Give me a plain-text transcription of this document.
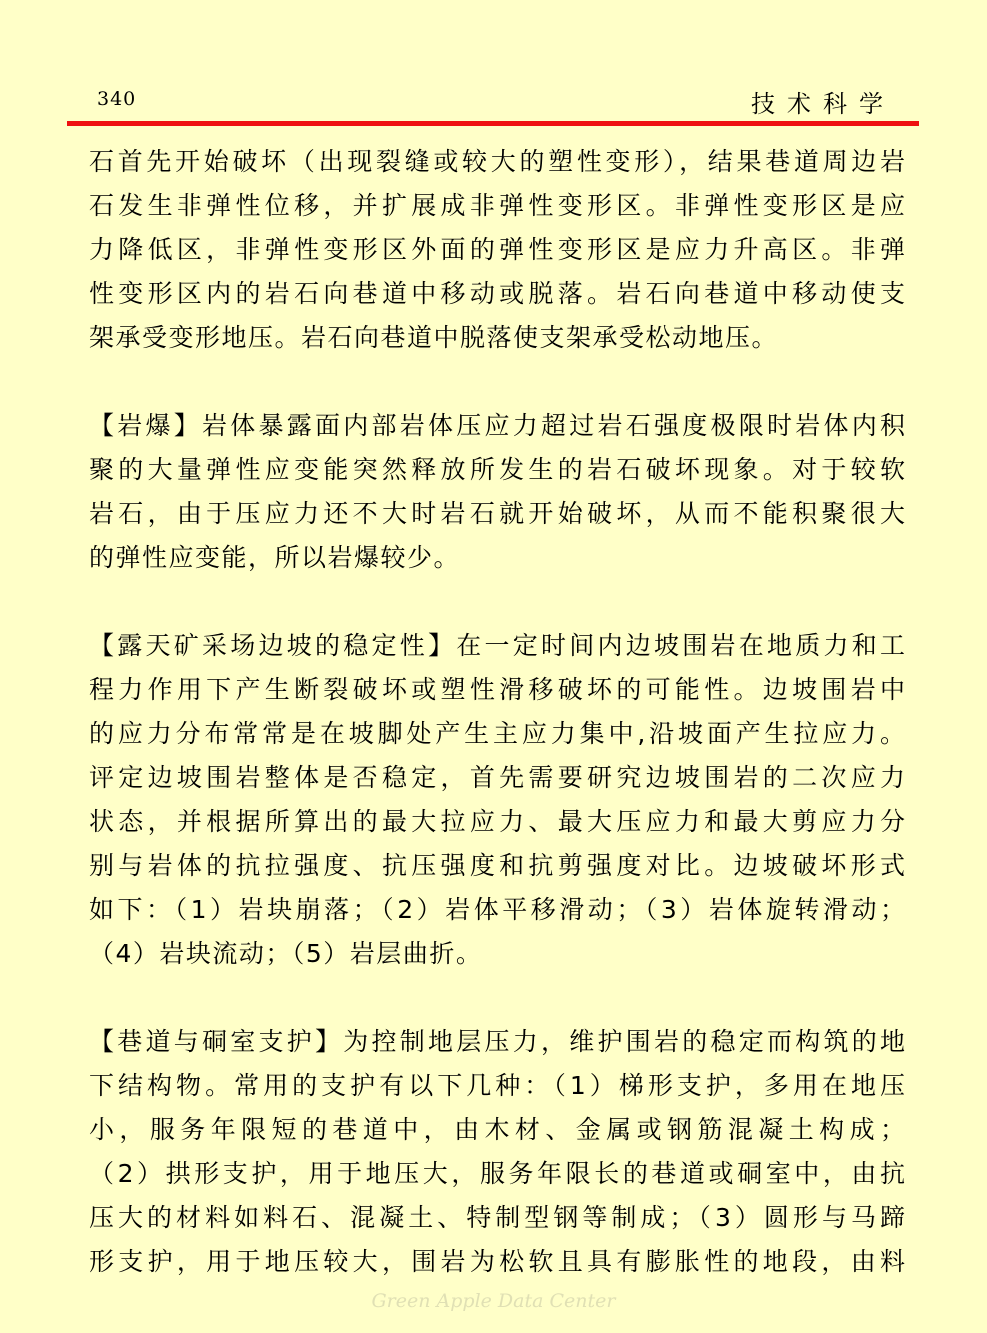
340	技术科学
石首先开始破坏（出现裂缝或较大的塑性变形），结果巷道周边岩
石发生非弹性位移，并扩展成非弹性变形区。非弹性变形区是应
力降低区，非弹性变形区外面的弹性变形区是应力升高区。非弹
性变形区内的岩石向巷道中移动或脱落。岩石向巷道中移动使支
架承受变形地压。岩石向巷道中脱落使支架承受松动地压。
【岩爆】岩体暴露面内部岩体压应力超过岩石强度极限时岩体内积
聚的大量弹性应变能突然释放所发生的岩石破坏现象。对于较软
岩石，由于压应力还不大时岩石就开始破坏，从而不能积聚很大
的弹性应变能，所以岩爆较少。
【露天矿采场边坡的稳定性】在一定时间内边坡围岩在地质力和工
程力作用下产生断裂破坏或塑性滑移破坏的可能性。边坡围岩中
的应力分布常常是在坡脚处产生主应力集中,沿坡面产生拉应力。
评定边坡围岩整体是否稳定，首先需要研究边坡围岩的二次应力
状态，并根据所算出的最大拉应力、最大压应力和最大剪应力分
别与岩体的抗拉强度、抗压强度和抗剪强度对比。边坡破坏形式
如下：（1）岩块崩落；（2）岩体平移滑动；（3）岩体旋转滑动；
（4）岩块流动；（5）岩层曲折。
【巷道与硐室支护】为控制地层压力，维护围岩的稳定而构筑的地
下结构物。常用的支护有以下几种：（1）梯形支护，多用在地压
小，服务年限短的巷道中，由木材、金属或钢筋混凝土构成；
（2）拱形支护，用于地压大，服务年限长的巷道或硐室中，由抗
压大的材料如料石、混凝土、特制型钢等制成；（3）圆形与马蹄
形支护，用于地压较大，围岩为松软且具有膨胀性的地段，由料
Green Apple Data Center
